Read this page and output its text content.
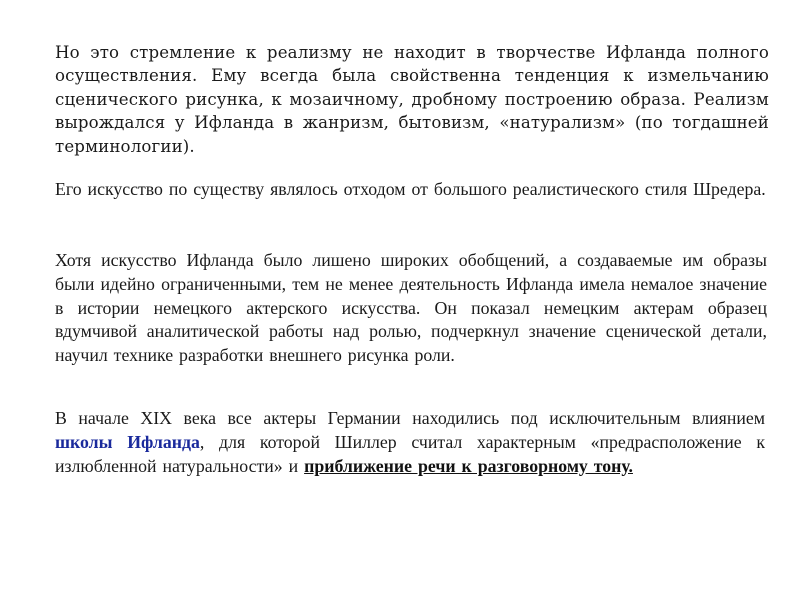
Но это стремление к реализму не находит в творчестве Ифланда полного осуществления. Ему всегда была свойственна тенденция к измельчанию сценического рисунка, к мозаичному, дробному построению образа. Реализм вырождался у Ифланда в жанризм, бытовизм, «натурализм» (по тогдашней терминологии).

Его искусство по существу являлось отходом от большого реалистического стиля Шредера.

Хотя искусство Ифланда было лишено широких обобщений, а создаваемые им образы были идейно ограниченными, тем не менее деятельность Ифланда имела немалое значение в истории немецкого актерского искусства. Он показал немецким актерам образец вдумчивой аналитической работы над ролью, подчеркнул значение сценической детали, научил технике разработки внешнего рисунка роли.

В начале XIX века все актеры Германии находились под исключительным влиянием школы Ифланда, для которой Шиллер считал характерным «предрасположение к излюбленной натуральности» и приближение речи к разговорному тону.
